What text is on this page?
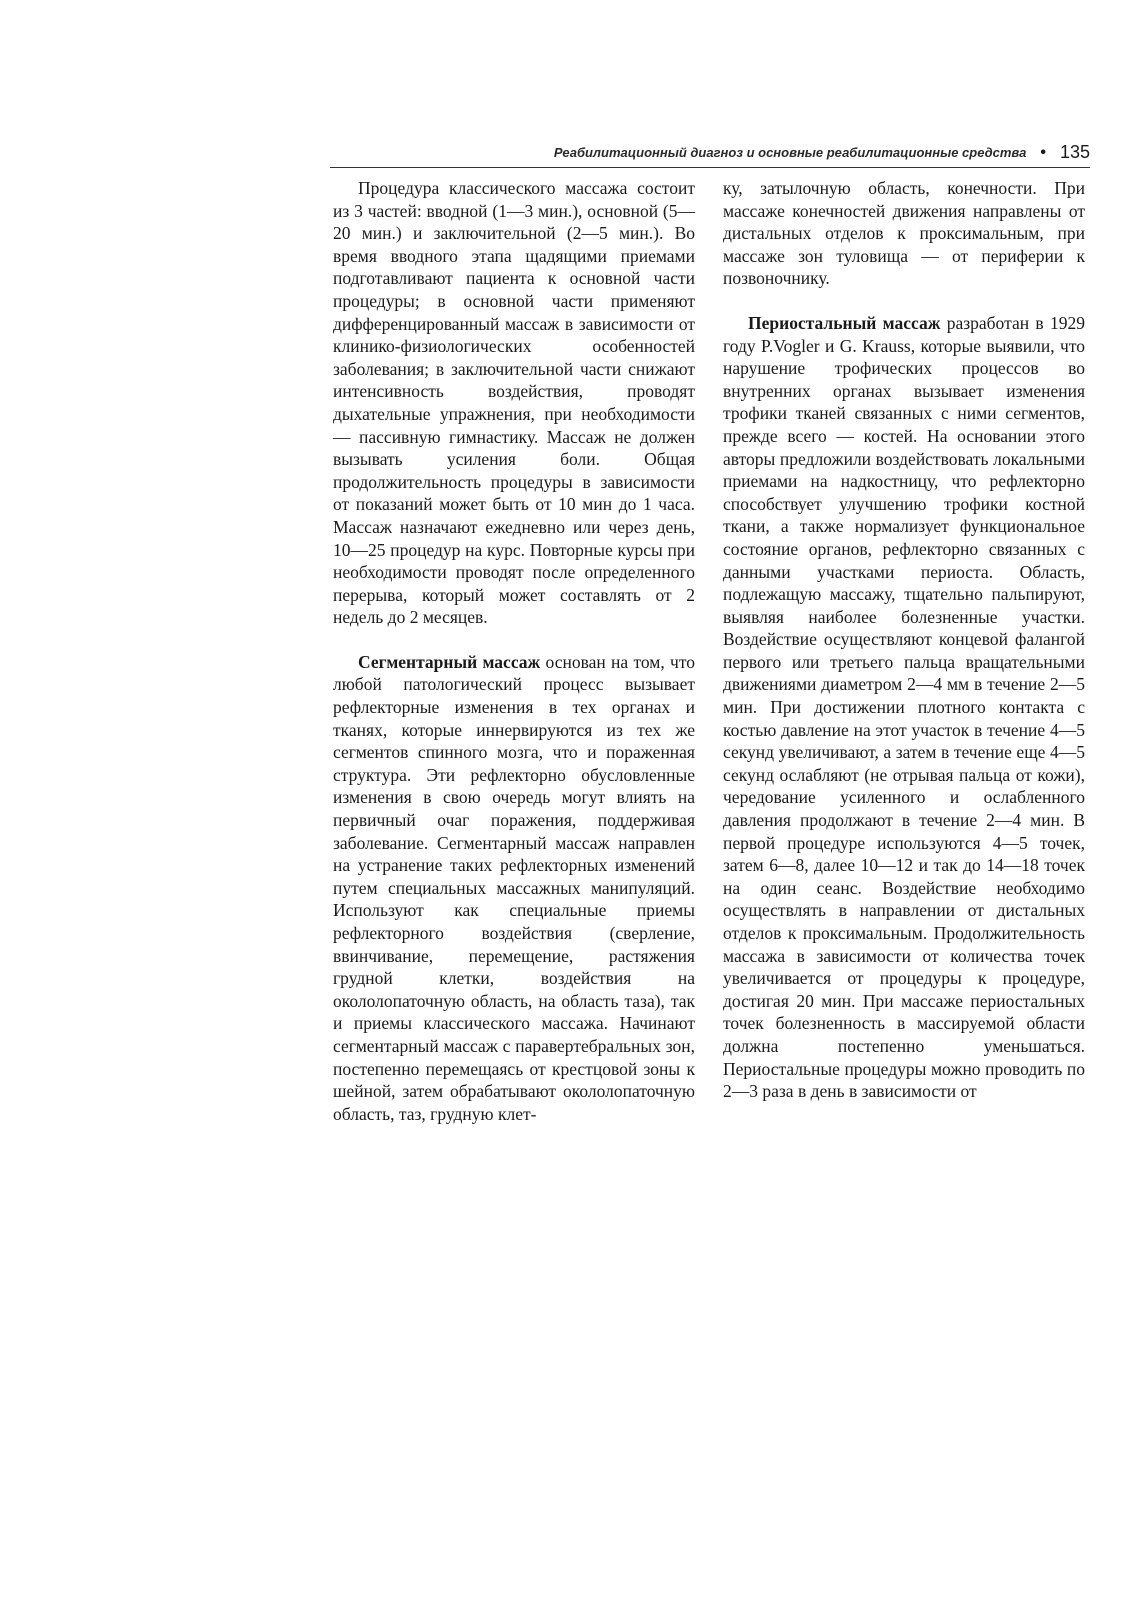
Реабилитационный диагноз и основные реабилитационные средства • 135

Процедура классического массажа состоит из 3 частей: вводной (1—3 мин.), основной (5—20 мин.) и заключительной (2—5 мин.). Во время вводного этапа щадящими приемами подготавливают пациента к основной части процедуры; в основной части применяют дифференцированный массаж в зависимости от клинико-физиологических особенностей заболевания; в заключительной части снижают интенсивность воздействия, проводят дыхательные упражнения, при необходимости — пассивную гимнастику. Массаж не должен вызывать усиления боли. Общая продолжительность процедуры в зависимости от показаний может быть от 10 мин до 1 часа. Массаж назначают ежедневно или через день, 10—25 процедур на курс. Повторные курсы при необходимости проводят после определенного перерыва, который может составлять от 2 недель до 2 месяцев.

Сегментарный массаж основан на том, что любой патологический процесс вызывает рефлекторные изменения в тех органах и тканях, которые иннервируются из тех же сегментов спинного мозга, что и пораженная структура. Эти рефлекторно обусловленные изменения в свою очередь могут влиять на первичный очаг поражения, поддерживая заболевание. Сегментарный массаж направлен на устранение таких рефлекторных изменений путем специальных массажных манипуляций. Используют как специальные приемы рефлекторного воздействия (сверление, ввинчивание, перемещение, растяжения грудной клетки, воздействия на окололопаточную область, на область таза), так и приемы классического массажа. Начинают сегментарный массаж с паравертебральных зон, постепенно перемещаясь от крестцовой зоны к шейной, затем обрабатывают окололопаточную область, таз, грудную клет-

ку, затылочную область, конечности. При массаже конечностей движения направлены от дистальных отделов к проксимальным, при массаже зон туловища — от периферии к позвоночнику.

Периостальный массаж разработан в 1929 году P.Vogler и G. Krauss, которые выявили, что нарушение трофических процессов во внутренних органах вызывает изменения трофики тканей связанных с ними сегментов, прежде всего — костей. На основании этого авторы предложили воздействовать локальными приемами на надкостницу, что рефлекторно способствует улучшению трофики костной ткани, а также нормализует функциональное состояние органов, рефлекторно связанных с данными участками периоста. Область, подлежащую массажу, тщательно пальпируют, выявляя наиболее болезненные участки. Воздействие осуществляют концевой фалангой первого или третьего пальца вращательными движениями диаметром 2—4 мм в течение 2—5 мин. При достижении плотного контакта с костью давление на этот участок в течение 4—5 секунд увеличивают, а затем в течение еще 4—5 секунд ослабляют (не отрывая пальца от кожи), чередование усиленного и ослабленного давления продолжают в течение 2—4 мин. В первой процедуре используются 4—5 точек, затем 6—8, далее 10—12 и так до 14—18 точек на один сеанс. Воздействие необходимо осуществлять в направлении от дистальных отделов к проксимальным. Продолжительность массажа в зависимости от количества точек увеличивается от процедуры к процедуре, достигая 20 мин. При массаже периостальных точек болезненность в массируемой области должна постепенно уменьшаться. Периостальные процедуры можно проводить по 2—3 раза в день в зависимости от
